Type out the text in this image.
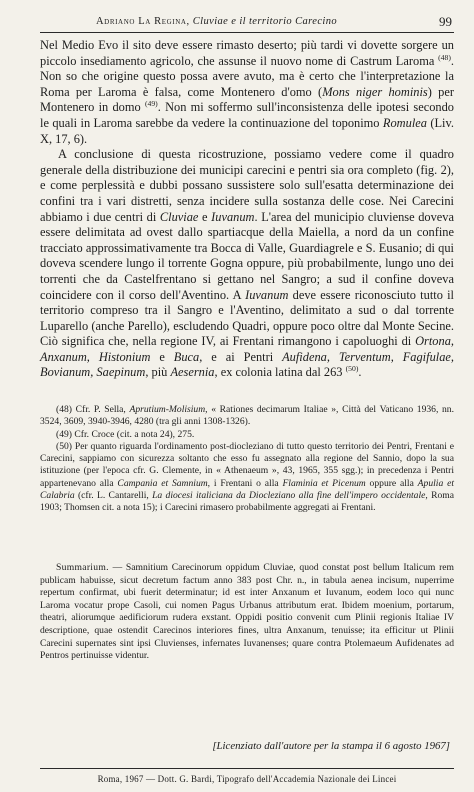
Adriano La Regina, Cluviae e il territorio Carecino	99

Nel Medio Evo il sito deve essere rimasto deserto; più tardi vi dovette sorgere un piccolo insediamento agricolo, che assunse il nuovo nome di Castrum Laroma $^{(48)}$. Non so che origine questo possa avere avuto, ma è certo che l'interpretazione la Roma per Laroma è falsa, come Montenero d'omo (Mons niger hominis) per Montenero in domo $^{(49)}$. Non mi soffermo sull'inconsistenza delle ipotesi secondo le quali in Laroma sarebbe da vedere la continuazione del toponimo Romulea (Liv. X, 17, 6).

A conclusione di questa ricostruzione, possiamo vedere come il quadro generale della distribuzione dei municipi carecini e pentri sia ora completo (fig. 2), e come perplessità e dubbi possano sussistere solo sull'esatta determinazione dei confini tra i vari distretti, senza incidere sulla sostanza delle cose. Nei Carecini abbiamo i due centri di Cluviae e Iuvanum. L'area del municipio cluviense doveva essere delimitata ad ovest dallo spartiacque della Maiella, a nord da un confine tracciato approssimativamente tra Bocca di Valle, Guardiagrele e S. Eusanio; di qui doveva scendere lungo il torrente Gogna oppure, più probabilmente, lungo uno dei torrenti che da Castelfrentano si gettano nel Sangro; a sud il confine doveva coincidere con il corso dell'Aventino. A Iuvanum deve essere riconosciuto tutto il territorio compreso tra il Sangro e l'Aventino, delimitato a sud o dal torrente Luparello (anche Parello), escludendo Quadri, oppure poco oltre dal Monte Secine. Ciò significa che, nella regione IV, ai Frentani rimangono i capoluoghi di Ortona, Anxanum, Histonium e Buca, e ai Pentri Aufidena, Terventum, Fagifulae, Bovianum, Saepinum, più Aesernia, ex colonia latina dal 263 $^{(50)}$.

(48) Cfr. P. Sella, Aprutium-Molisium, « Rationes decimarum Italiae », Città del Vaticano 1936, nn. 3524, 3609, 3940-3946, 4280 (tra gli anni 1308-1326).

(49) Cfr. Croce (cit. a nota 24), 275.

(50) Per quanto riguarda l'ordinamento post-diocleziano di tutto questo territorio dei Pentri, Frentani e Carecini, sappiamo con sicurezza soltanto che esso fu assegnato alla regione del Sannio, dopo la sua istituzione (per l'epoca cfr. G. Clemente, in « Athenaeum », 43, 1965, 355 sgg.); in precedenza i Pentri appartenevano alla Campania et Samnium, i Frentani o alla Flaminia et Picenum oppure alla Apulia et Calabria (cfr. L. Cantarelli, La diocesi italiciana da Diocleziano alla fine dell'impero occidentale, Roma 1903; Thomsen cit. a nota 15); i Carecini rimasero probabilmente aggregati ai Frentani.

Summarium. — Samnitium Carecinorum oppidum Cluviae, quod constat post bellum Italicum rem publicam habuisse, sicut decretum factum anno 383 post Chr. n., in tabula aenea incisum, nuperrime repertum confirmat, ubi fuerit determinatur; id est inter Anxanum et Iuvanum, eodem loco qui nunc Laroma vocatur prope Casoli, cui nomen Pagus Urbanus attributum erat. Ibidem moenium, portarum, theatri, aliorumque aedificiorum rudera exstant. Oppidi positio convenit cum Plinii regionis Italiae IV descriptione, quae ostendit Carecinos interiores fines, ultra Anxanum, tenuisse; ita efficitur ut Plinii Carecini supernates sint ipsi Cluvienses, infernates Iuvanenses; quare contra Ptolemaeum Aufidenates ad Pentros pertinuisse videntur.

[Licenziato dall'autore per la stampa il 6 agosto 1967]
Roma, 1967 — Dott. G. Bardi, Tipografo dell'Accademia Nazionale dei Lincei
